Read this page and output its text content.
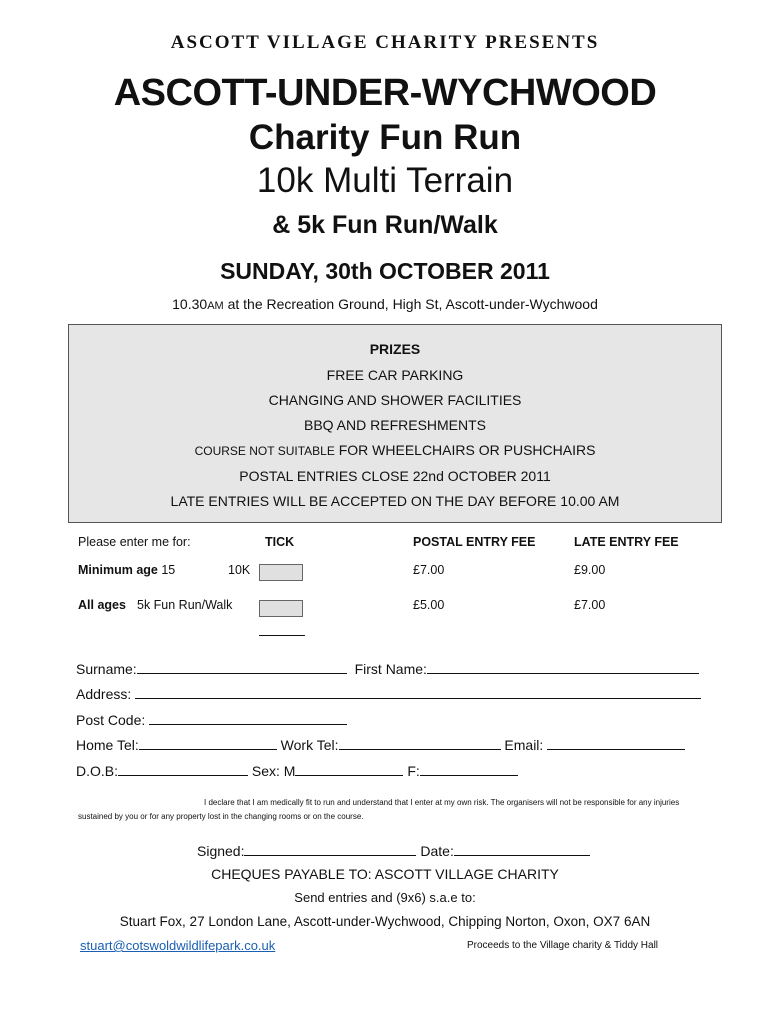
ASCOTT VILLAGE CHARITY PRESENTS
ASCOTT-UNDER-WYCHWOOD
Charity Fun Run
10k Multi Terrain
& 5k Fun Run/Walk
SUNDAY, 30th OCTOBER 2011
10.30AM at the Recreation Ground, High St, Ascott-under-Wychwood
PRIZES
FREE CAR PARKING
CHANGING AND SHOWER FACILITIES
BBQ AND REFRESHMENTS
COURSE NOT SUITABLE FOR WHEELCHAIRS OR PUSHCHAIRS
POSTAL ENTRIES CLOSE 22nd OCTOBER 2011
LATE ENTRIES WILL BE ACCEPTED ON THE DAY BEFORE 10.00 AM
Please enter me for:	TICK	POSTAL ENTRY FEE	LATE ENTRY FEE
Minimum age 15	10K	£7.00	£9.00
All ages 5k Fun Run/Walk	£5.00	£7.00
Surname:	First Name:
Address:
Post Code:
Home Tel:	Work Tel:	Email:
D.O.B:	Sex: M	F:
I declare that I am medically fit to run and understand that I enter at my own risk. The organisers will not be responsible for any injuries sustained by you or for any property lost in the changing rooms or on the course.
Signed:	Date:
CHEQUES PAYABLE TO: ASCOTT VILLAGE CHARITY
Send entries and (9x6) s.a.e to:
Stuart Fox, 27 London Lane, Ascott-under-Wychwood, Chipping Norton, Oxon, OX7 6AN
stuart@cotswoldwildlifepark.co.uk	Proceeds to the Village charity & Tiddy Hall
